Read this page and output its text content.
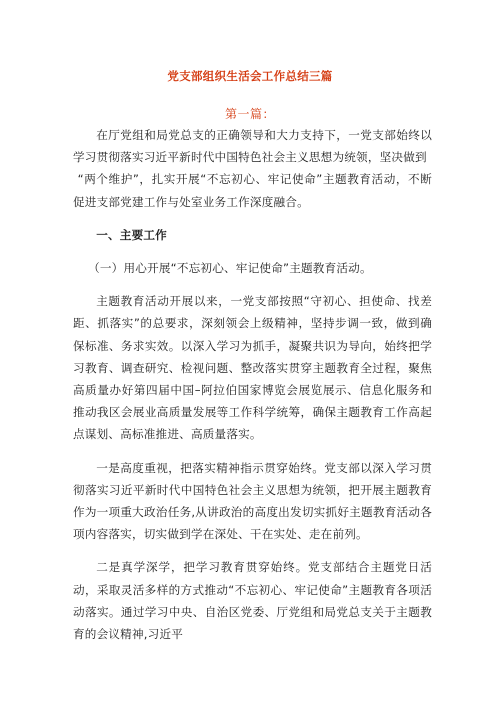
党支部组织生活会工作总结三篇
第一篇：

在厅党组和局党总支的正确领导和大力支持下，一党支部始终以学习贯彻落实习近平新时代中国特色社会主义思想为统领，坚决做到

“两个维护”，扎实开展“不忘初心、牢记使命”主题教育活动，不断促进支部党建工作与处室业务工作深度融合。

一、主要工作

（一）用心开展“不忘初心、牢记使命”主题教育活动。

主题教育活动开展以来，一党支部按照“守初心、担使命、找差距、抓落实”的总要求，深刻领会上级精神，坚持步调一致，做到确保标准、务求实效。以深入学习为抓手，凝聚共识为导向，始终把学习教育、调查研究、检视问题、整改落实贯穿主题教育全过程，聚焦高质量办好第四届中国–阿拉伯国家博览会展览展示、信息化服务和推动我区会展业高质量发展等工作科学统筹，确保主题教育工作高起点谋划、高标准推进、高质量落实。

一是高度重视，把落实精神指示贯穿始终。党支部以深入学习贯彻落实习近平新时代中国特色社会主义思想为统领，把开展主题教育作为一项重大政治任务,从讲政治的高度出发切实抓好主题教育活动各项内容落实，切实做到学在深处、干在实处、走在前列。

二是真学深学，把学习教育贯穿始终。党支部结合主题党日活动，采取灵活多样的方式推动“不忘初心、牢记使命”主题教育各项活动落实。通过学习中央、自治区党委、厅党组和局党总支关于主题教育的会议精神,习近平
